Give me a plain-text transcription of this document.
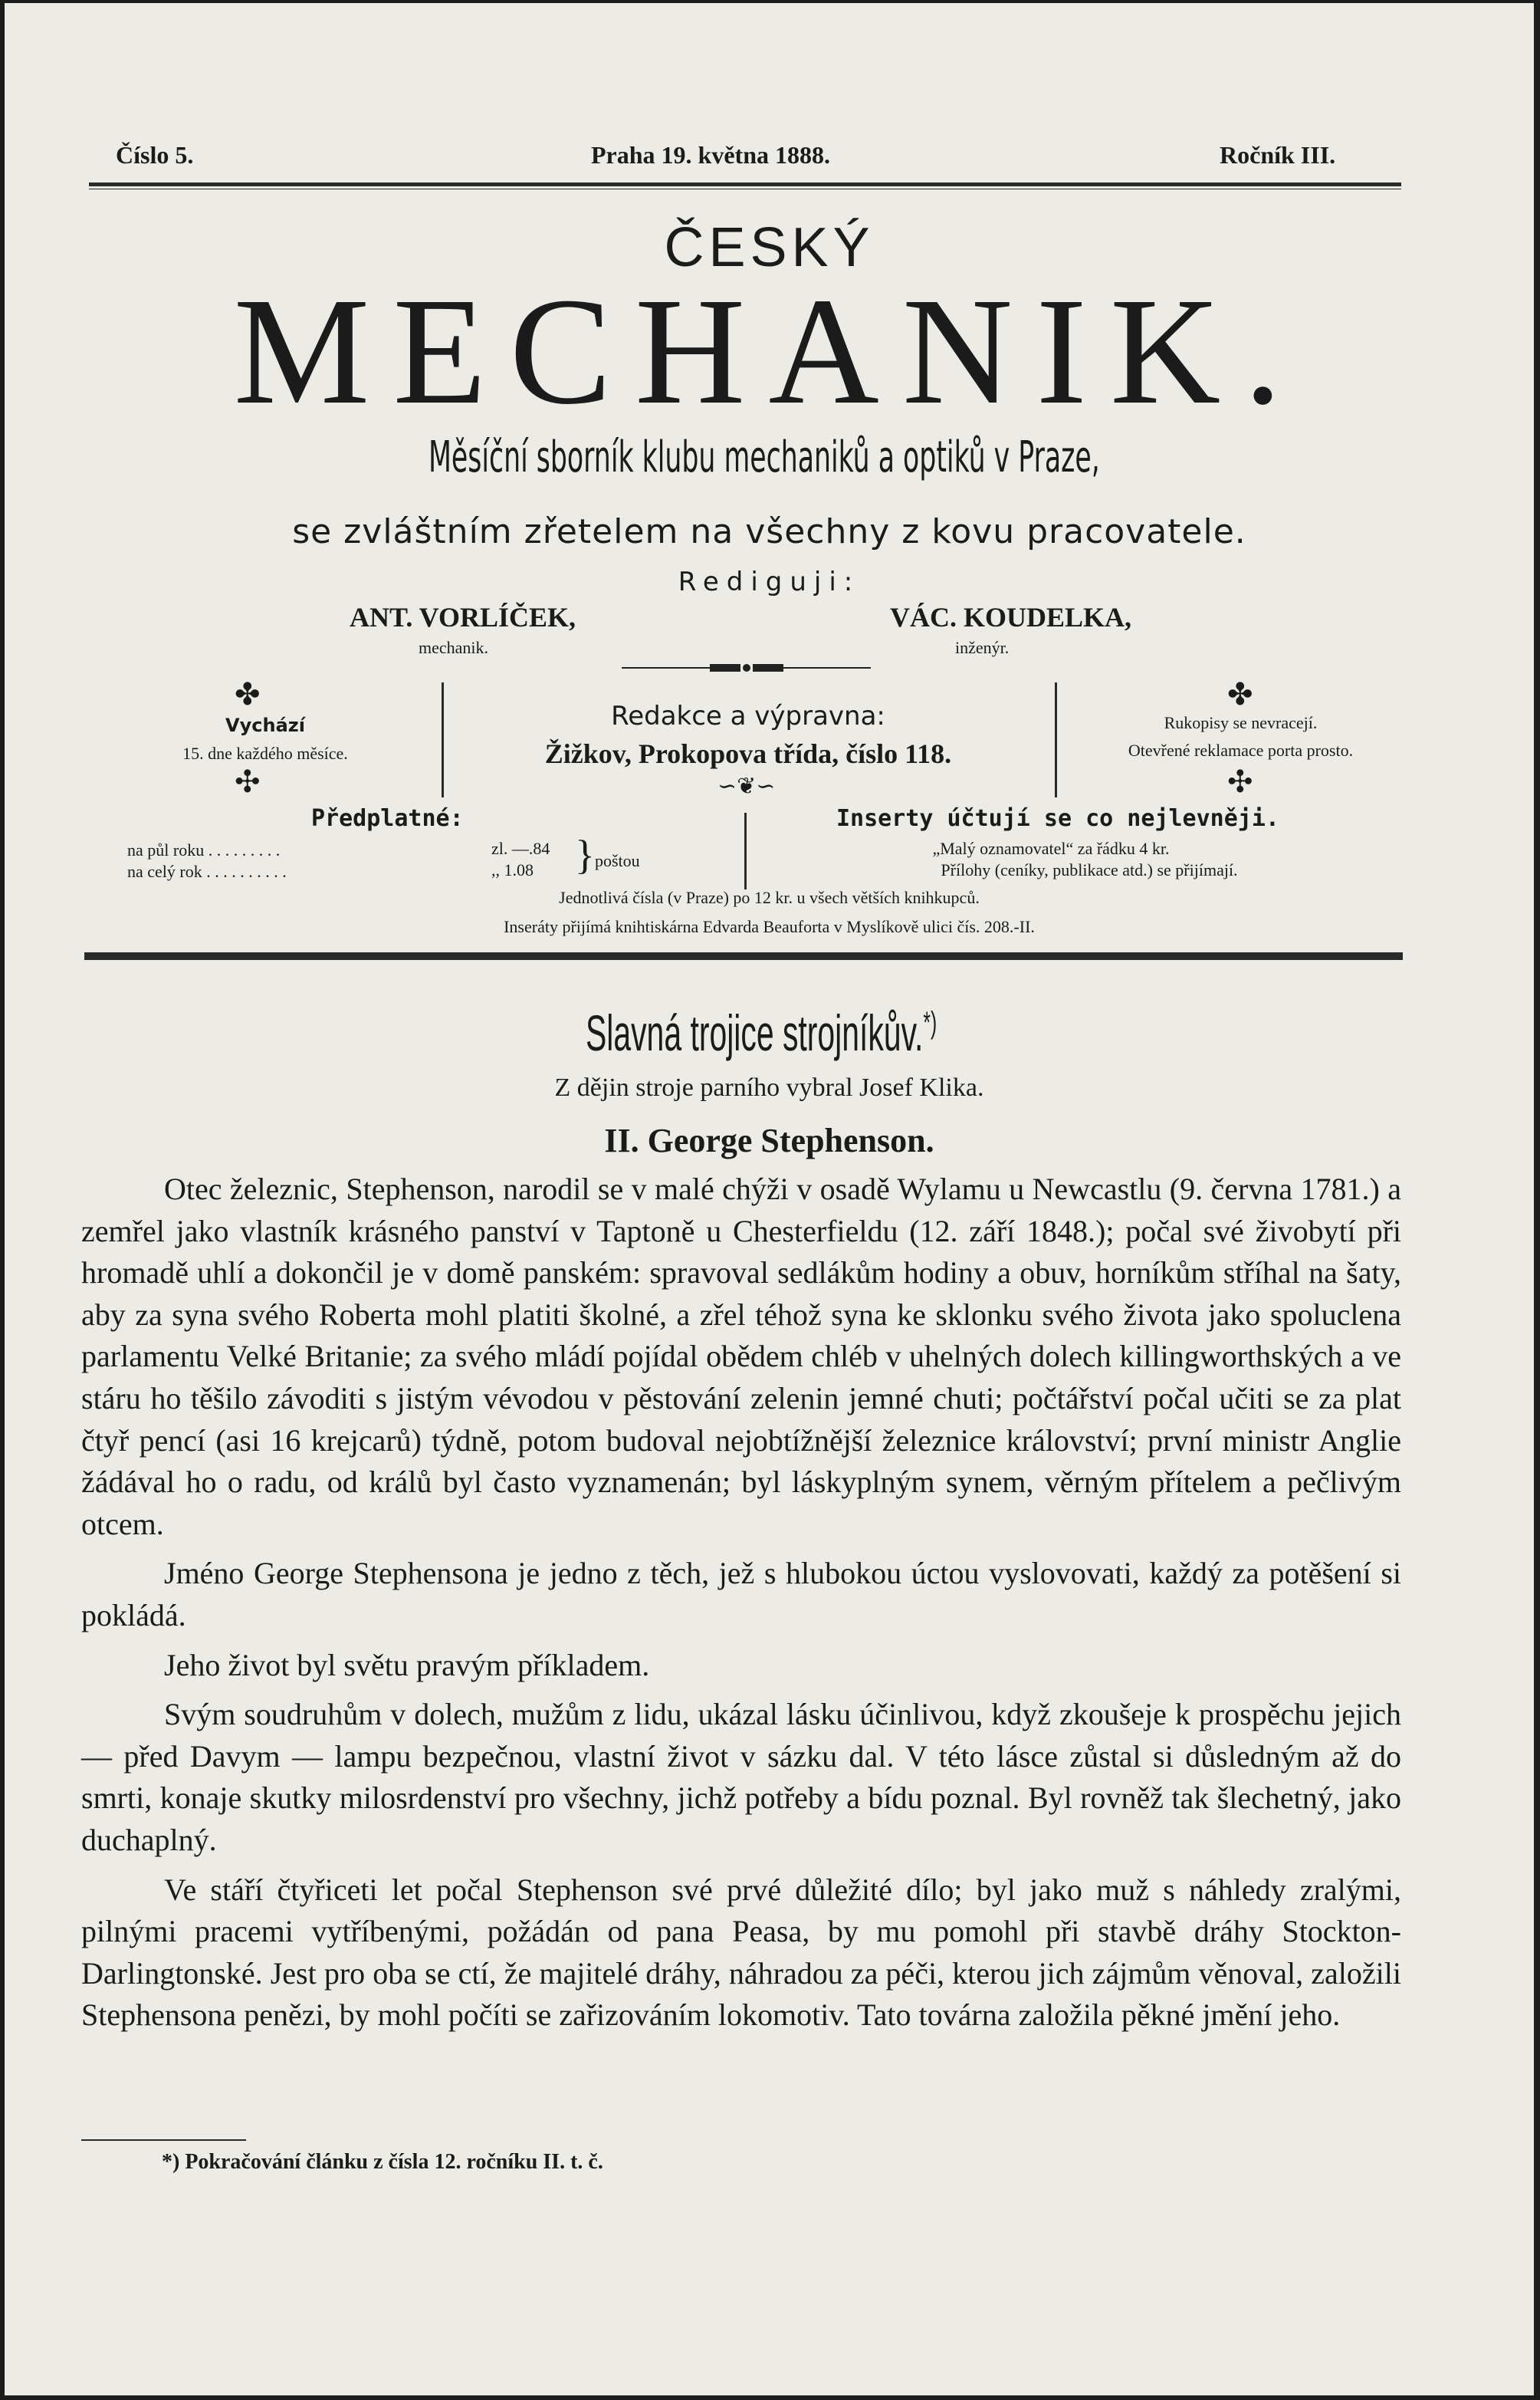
Číslo 5.	Praha 19. května 1888.	Ročník III.
ČESKÝ
MECHANIK.
Měsíční sborník klubu mechaniků a optiků v Praze,
se zvláštním zřetelem na všechny z kovu pracovatele.
Rediguji:
ANT. VORLÍČEK,
mechanik.
VÁC. KOUDELKA,
inženýr.
✤
Vychází
15. dne každého měsíce.
✣
Redakce a výpravna:
Žižkov, Prokopova třída, číslo 118.
∽❦∽
✤
Rukopisy se nevracejí.
Otevřené reklamace porta prosto.
✣
Předplatné:
na půl roku . . . . . . . . .	zl. —.84
na celý rok . . . . . . . . . .	,, 1.08 } poštou
Inserty účtují se co nejlevněji.
„Malý oznamovatel“ za řádku 4 kr.
Přílohy (ceníky, publikace atd.) se přijímají.
Jednotlivá čísla (v Praze) po 12 kr. u všech větších knihkupců.
Inseráty přijímá knihtiskárna Edvarda Beauforta v Myslíkově ulici čís. 208.-II.
Slavná trojice strojníkův.*)
Z dějin stroje parního vybral Josef Klika.
II. George Stephenson.

Otec železnic, Stephenson, narodil se v malé chýži v osadě Wylamu u Newcastlu (9. června 1781.) a zemřel jako vlastník krásného panství v Taptoně u Chesterfieldu (12. září 1848.); počal své živobytí při hromadě uhlí a dokončil je v domě panském: spravoval sedlákům hodiny a obuv, horníkům stříhal na šaty, aby za syna svého Roberta mohl platiti školné, a zřel téhož syna ke sklonku svého života jako spoluclena parlamentu Velké Britanie; za svého mládí pojídal obědem chléb v uhelných dolech killingworthských a ve stáru ho těšilo závoditi s jistým vévodou v pěstování zelenin jemné chuti; počtářství počal učiti se za plat čtyř pencí (asi 16 krejcarů) týdně, potom budoval nejobtížnější železnice království; první ministr Anglie žádával ho o radu, od králů byl často vyznamenán; byl láskyplným synem, věrným přítelem a pečlivým otcem.

Jméno George Stephensona je jedno z těch, jež s hlubokou úctou vyslovovati, každý za potěšení si pokládá.

Jeho život byl světu pravým příkladem.

Svým soudruhům v dolech, mužům z lidu, ukázal lásku účinlivou, když zkoušeje k prospěchu jejich — před Davym — lampu bezpečnou, vlastní život v sázku dal. V této lásce zůstal si důsledným až do smrti, konaje skutky milosrdenství pro všechny, jichž potřeby a bídu poznal. Byl rovněž tak šlechetný, jako duchaplný.

Ve stáří čtyřiceti let počal Stephenson své prvé důležité dílo; byl jako muž s náhledy zralými, pilnými pracemi vytříbenými, požádán od pana Peasa, by mu pomohl při stavbě dráhy Stockton-Darlingtonské. Jest pro oba se ctí, že majitelé dráhy, náhradou za péči, kterou jich zájmům věnoval, založili Stephensona penězi, by mohl počíti se zařizováním lokomotiv. Tato továrna založila pěkné jmění jeho.

*) Pokračování článku z čísla 12. ročníku II. t. č.
